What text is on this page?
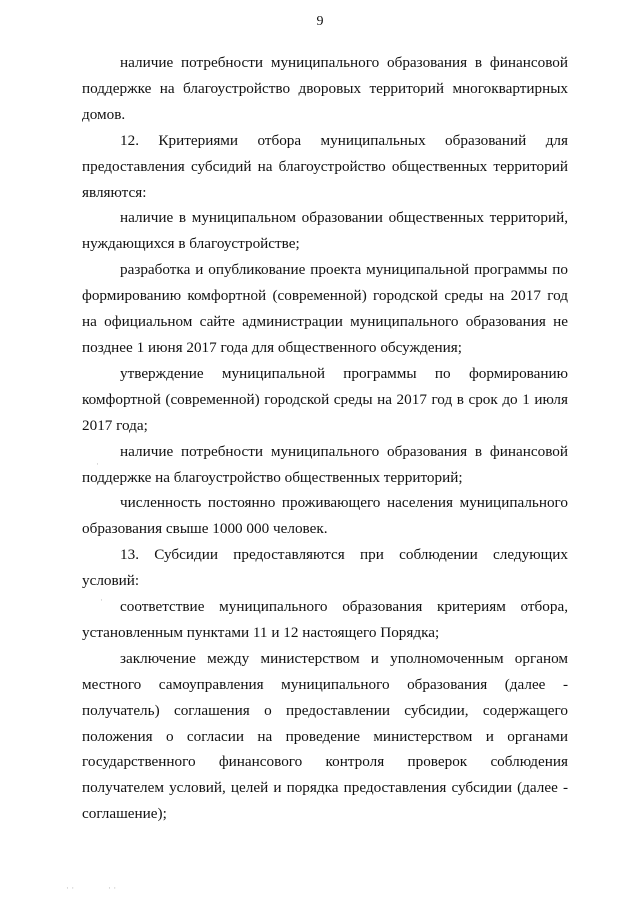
9

наличие потребности муниципального образования в финансовой поддержке на благоустройство дворовых территорий многоквартирных домов.

12. Критериями отбора муниципальных образований для предоставления субсидий на благоустройство общественных территорий являются:

наличие в муниципальном образовании общественных территорий, нуждающихся в благоустройстве;

разработка и опубликование проекта муниципальной программы по формированию комфортной (современной) городской среды на 2017 год на официальном сайте администрации муниципального образования не позднее 1 июня 2017 года для общественного обсуждения;

утверждение муниципальной программы по формированию комфортной (современной) городской среды на 2017 год в срок до 1 июля 2017 года;

наличие потребности муниципального образования в финансовой поддержке на благоустройство общественных территорий;

численность постоянно проживающего населения муниципального образования свыше 1000 000 человек.

13. Субсидии предоставляются при соблюдении следующих условий:

соответствие муниципального образования критериям отбора, установленным пунктами 11 и 12 настоящего Порядка;

заключение между министерством и уполномоченным органом местного самоуправления муниципального образования (далее - получатель) соглашения о предоставлении субсидии, содержащего положения о согласии на проведение министерством и органами государственного финансового контроля проверок соблюдения получателем условий, целей и порядка предоставления субсидии (далее - соглашение);

·
·
· ·	· ·
